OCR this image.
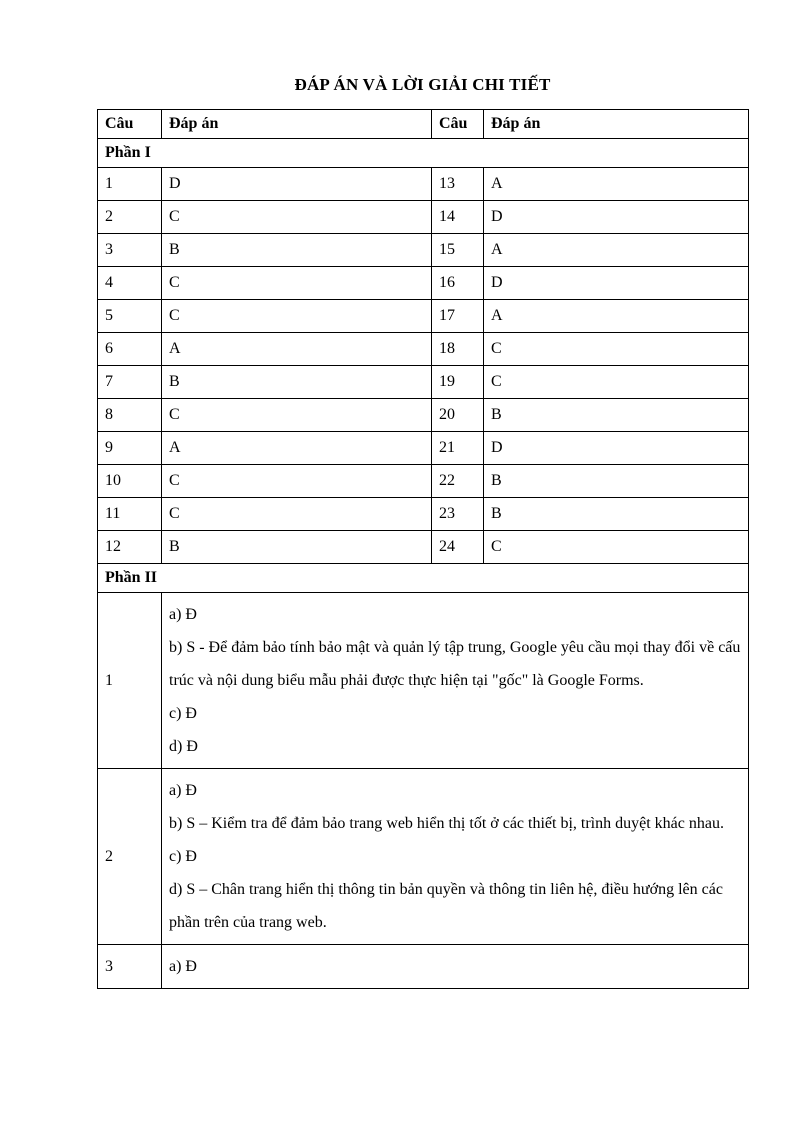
ĐÁP ÁN VÀ LỜI GIẢI CHI TIẾT
Câu	Đáp án	Câu	Đáp án
Phần I			
1	D	13	A
2	C	14	D
3	B	15	A
4	C	16	D
5	C	17	A
6	A	18	C
7	B	19	C
8	C	20	B
9	A	21	D
10	C	22	B
11	C	23	B
12	B	24	C
Phần II			
1	a) Đ
b) S - Để đảm bảo tính bảo mật và quản lý tập trung, Google yêu cầu mọi thay đổi về cấu trúc và nội dung biểu mẫu phải được thực hiện tại "gốc" là Google Forms.
c) Đ
d) Đ		

2	a) Đ
b) S – Kiểm tra để đảm bảo trang web hiển thị tốt ở các thiết bị, trình duyệt khác nhau.
c) Đ
d) S – Chân trang hiển thị thông tin bản quyền và thông tin liên hệ, điều hướng lên các phần trên của trang web.		

3	a) Đ		
